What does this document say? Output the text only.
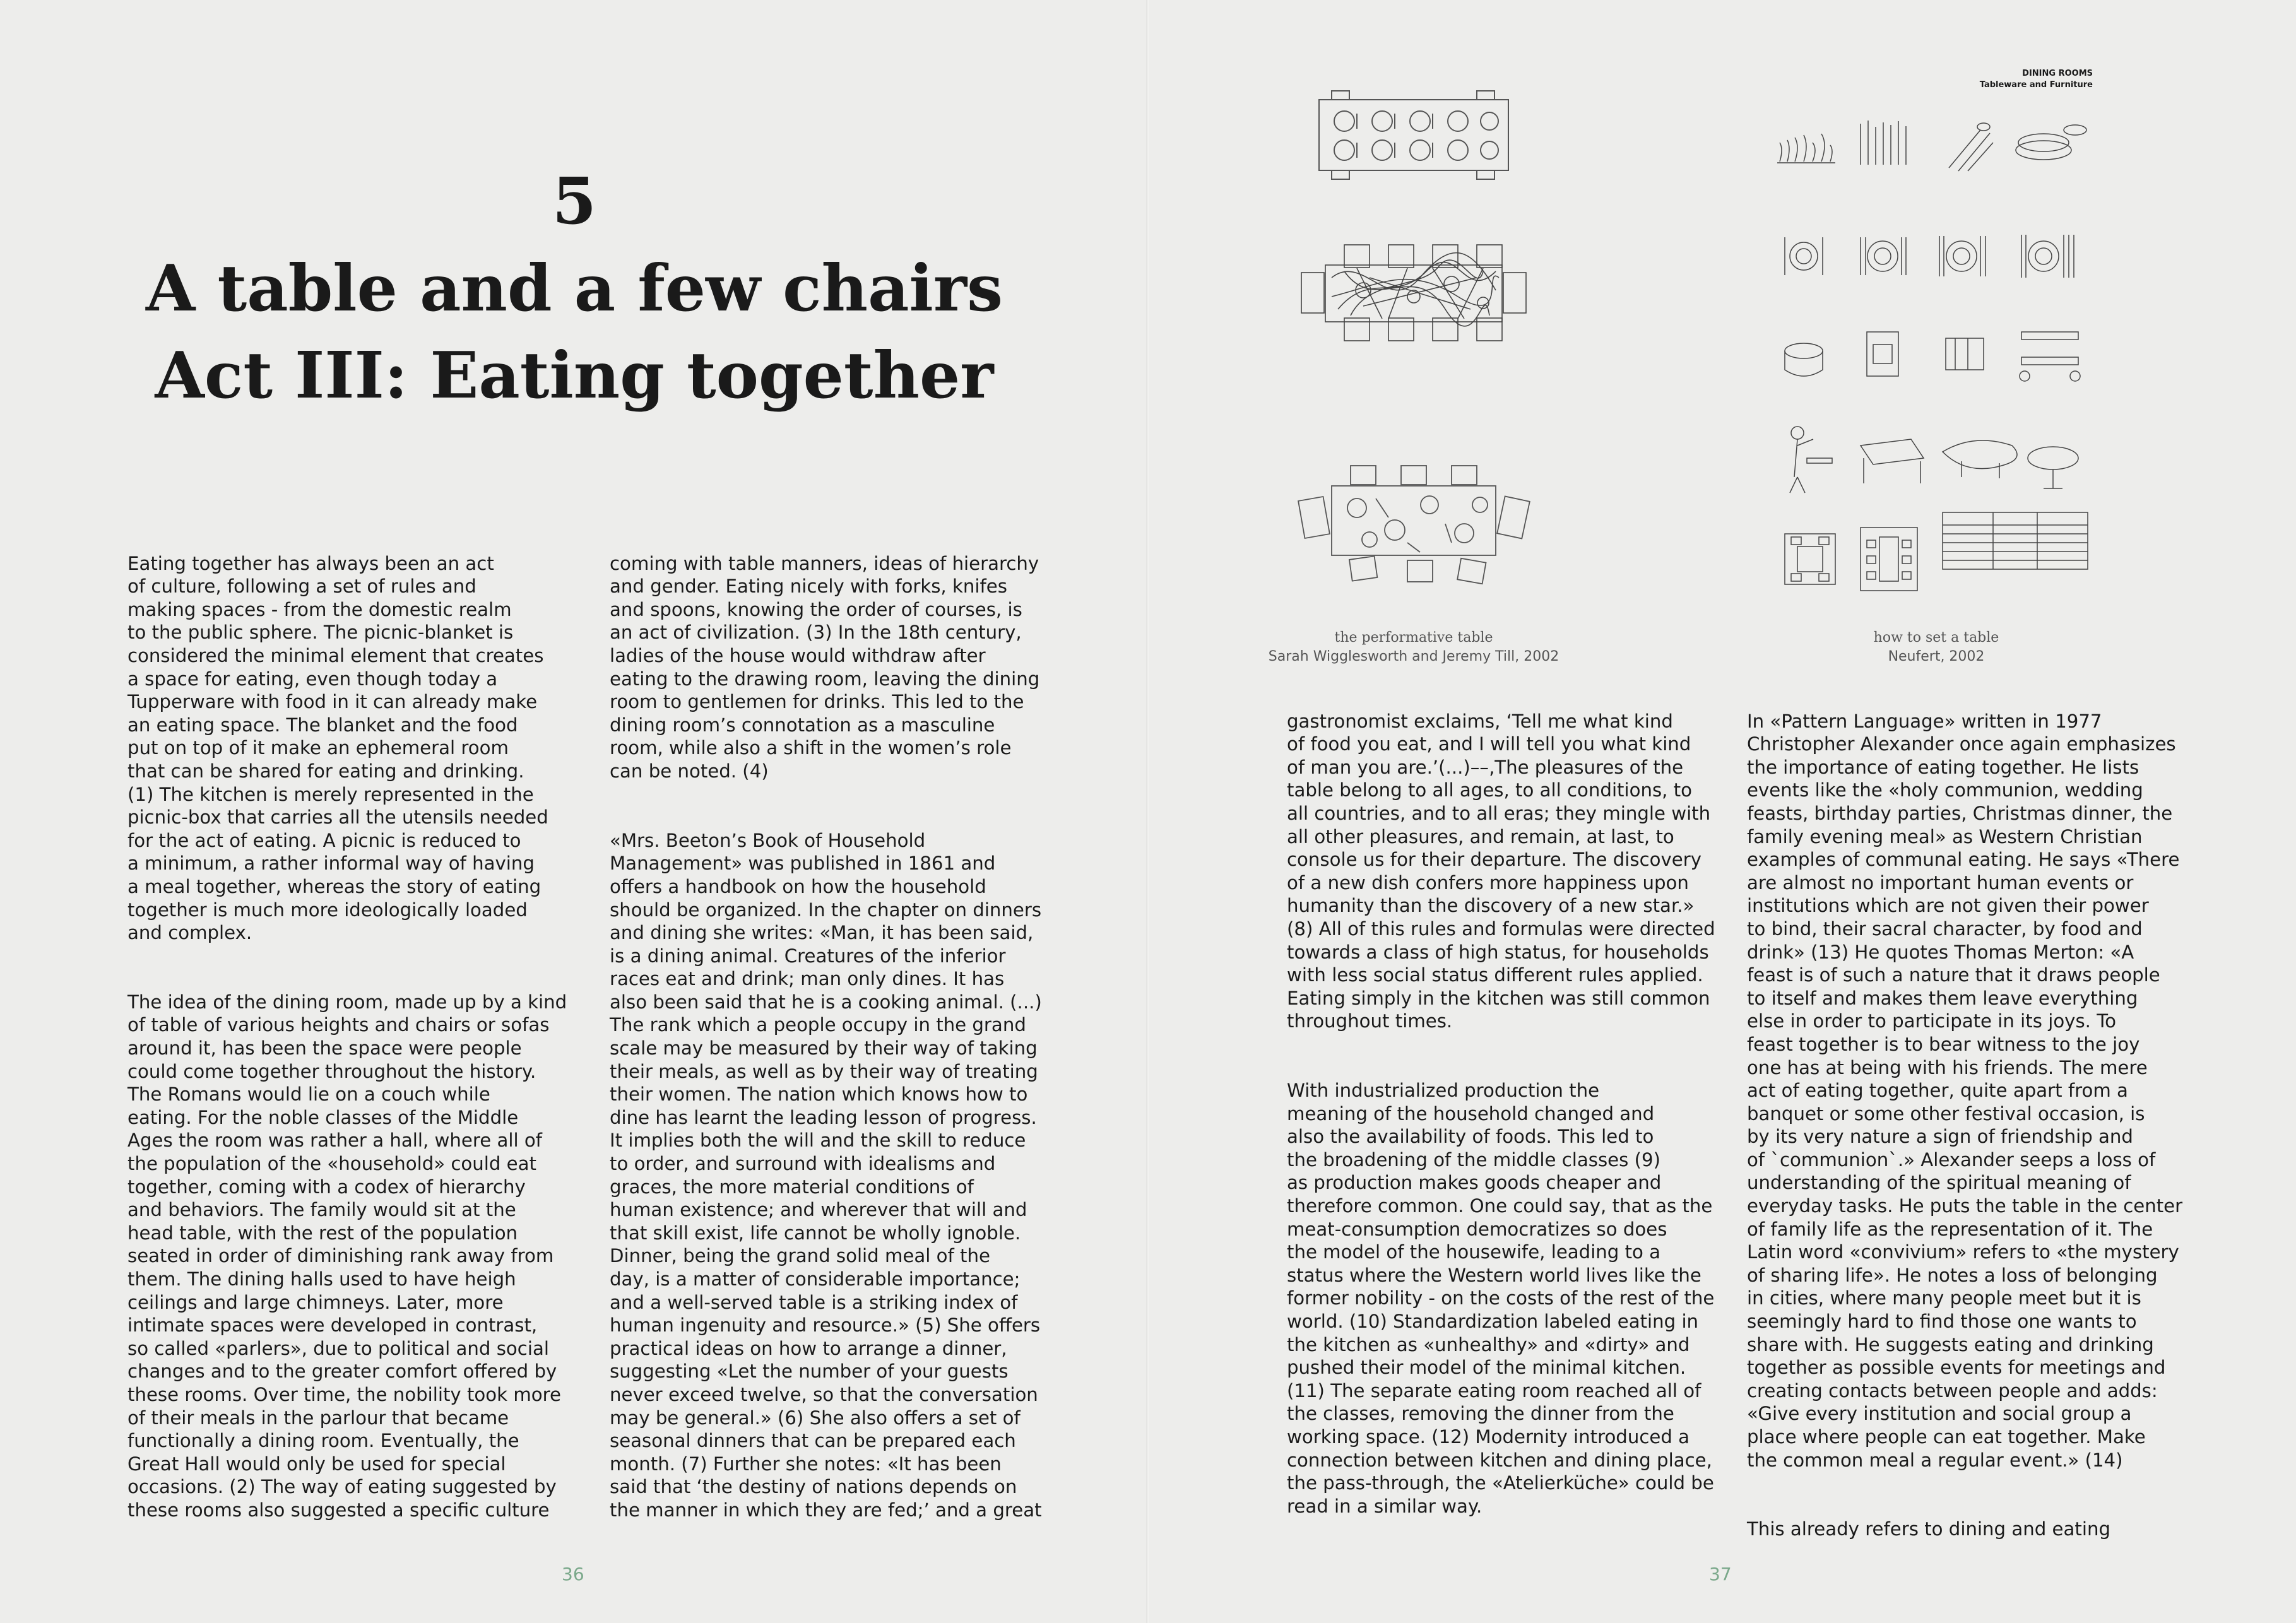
5
A table and a few chairs
Act III: Eating together

Eating together has always been an act
of culture, following a set of rules and
making spaces - from the domestic realm
to the public sphere. The picnic-blanket is
considered the minimal element that creates
a space for eating, even though today a
Tupperware with food in it can already make
an eating space. The blanket and the food
put on top of it make an ephemeral room
that can be shared for eating and drinking.
(1) The kitchen is merely represented in the
picnic-box that carries all the utensils needed
for the act of eating. A picnic is reduced to
a minimum, a rather informal way of having
a meal together, whereas the story of eating
together is much more ideologically loaded
and complex.

The idea of the dining room, made up by a kind
of table of various heights and chairs or sofas
around it, has been the space were people
could come together throughout the history.
The Romans would lie on a couch while
eating. For the noble classes of the Middle
Ages the room was rather a hall, where all of
the population of the «household» could eat
together, coming with a codex of hierarchy
and behaviors. The family would sit at the
head table, with the rest of the population
seated in order of diminishing rank away from
them. The dining halls used to have heigh
ceilings and large chimneys. Later, more
intimate spaces were developed in contrast,
so called «parlers», due to political and social
changes and to the greater comfort offered by
these rooms. Over time, the nobility took more
of their meals in the parlour that became
functionally a dining room. Eventually, the
Great Hall would only be used for special
occasions. (2) The way of eating suggested by
these rooms also suggested a specific culture

coming with table manners, ideas of hierarchy
and gender. Eating nicely with forks, knifes
and spoons, knowing the order of courses, is
an act of civilization. (3) In the 18th century,
ladies of the house would withdraw after
eating to the drawing room, leaving the dining
room to gentlemen for drinks. This led to the
dining room’s connotation as a masculine
room, while also a shift in the women’s role
can be noted. (4)

«Mrs. Beeton’s Book of Household
Management» was published in 1861 and
offers a handbook on how the household
should be organized. In the chapter on dinners
and dining she writes: «Man, it has been said,
is a dining animal. Creatures of the inferior
races eat and drink; man only dines. It has
also been said that he is a cooking animal. (...)
The rank which a people occupy in the grand
scale may be measured by their way of taking
their meals, as well as by their way of treating
their women. The nation which knows how to
dine has learnt the leading lesson of progress.
It implies both the will and the skill to reduce
to order, and surround with idealisms and
graces, the more material conditions of
human existence; and wherever that will and
that skill exist, life cannot be wholly ignoble.
Dinner, being the grand solid meal of the
day, is a matter of considerable importance;
and a well-served table is a striking index of
human ingenuity and resource.» (5) She offers
practical ideas on how to arrange a dinner,
suggesting «Let the number of your guests
never exceed twelve, so that the conversation
may be general.» (6) She also offers a set of
seasonal dinners that can be prepared each
month. (7) Further she notes: «It has been
said that ‘the destiny of nations depends on
the manner in which they are fed;’ and a great

36
the performative table
Sarah Wigglesworth and Jeremy Till, 2002
DINING ROOMS
Tableware and Furniture
how to set a table
Neufert, 2002

gastronomist exclaims, ‘Tell me what kind
of food you eat, and I will tell you what kind
of man you are.’(...)––‚The pleasures of the
table belong to all ages, to all conditions, to
all countries, and to all eras; they mingle with
all other pleasures, and remain, at last, to
console us for their departure. The discovery
of a new dish confers more happiness upon
humanity than the discovery of a new star.»
(8) All of this rules and formulas were directed
towards a class of high status, for households
with less social status different rules applied.
Eating simply in the kitchen was still common
throughout times.

With industrialized production the
meaning of the household changed and
also the availability of foods. This led to
the broadening of the middle classes (9)
as production makes goods cheaper and
therefore common. One could say, that as the
meat-consumption democratizes so does
the model of the housewife, leading to a
status where the Western world lives like the
former nobility - on the costs of the rest of the
world. (10) Standardization labeled eating in
the kitchen as «unhealthy» and «dirty» and
pushed their model of the minimal kitchen.
(11) The separate eating room reached all of
the classes, removing the dinner from the
working space. (12) Modernity introduced a
connection between kitchen and dining place,
the pass-through, the «Atelierküche» could be
read in a similar way.

In «Pattern Language» written in 1977
Christopher Alexander once again emphasizes
the importance of eating together. He lists
events like the «holy communion, wedding
feasts, birthday parties, Christmas dinner, the
family evening meal» as Western Christian
examples of communal eating. He says «There
are almost no important human events or
institutions which are not given their power
to bind, their sacral character, by food and
drink» (13) He quotes Thomas Merton: «A
feast is of such a nature that it draws people
to itself and makes them leave everything
else in order to participate in its joys. To
feast together is to bear witness to the joy
one has at being with his friends. The mere
act of eating together, quite apart from a
banquet or some other festival occasion, is
by its very nature a sign of friendship and
of `communion`.» Alexander seeps a loss of
understanding of the spiritual meaning of
everyday tasks. He puts the table in the center
of family life as the representation of it. The
Latin word «convivium» refers to «the mystery
of sharing life». He notes a loss of belonging
in cities, where many people meet but it is
seemingly hard to find those one wants to
share with. He suggests eating and drinking
together as possible events for meetings and
creating contacts between people and adds:
«Give every institution and social group a
place where people can eat together. Make
the common meal a regular event.» (14)

This already refers to dining and eating

37
